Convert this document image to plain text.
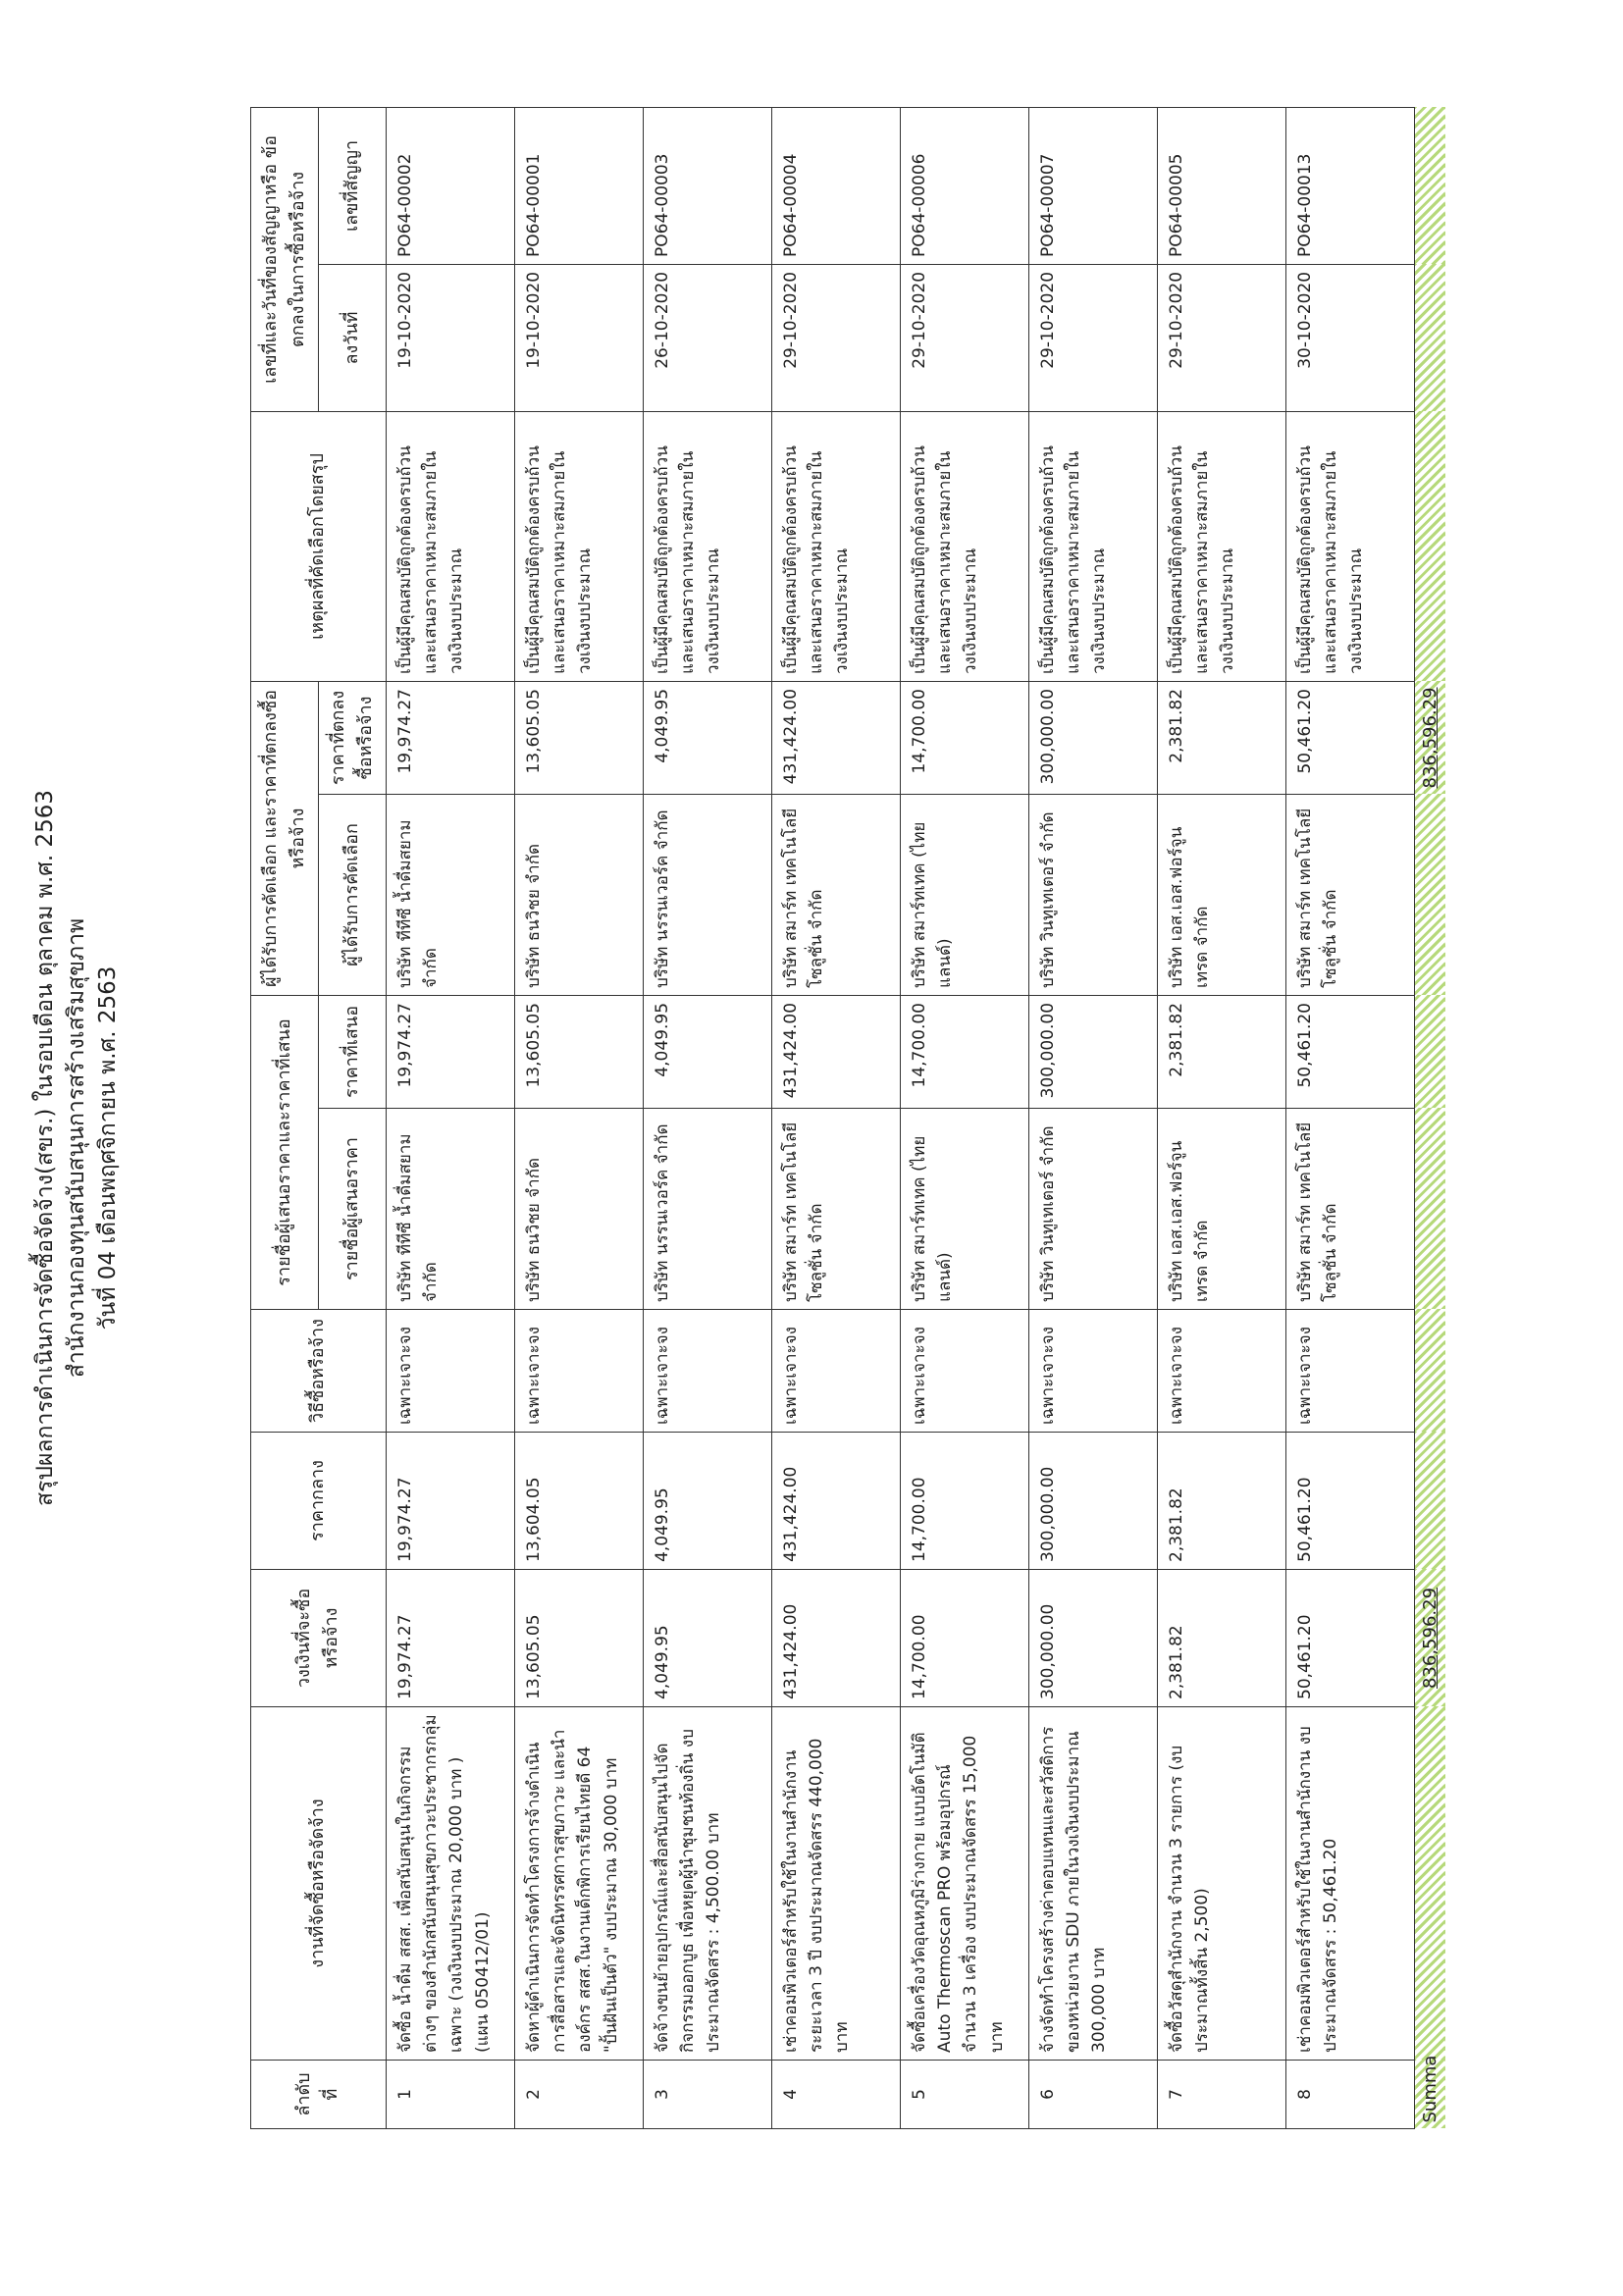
สรุปผลการดำเนินการจัดซื้อจัดจ้าง(สขร.) ในรอบเดือน ตุลาคม พ.ศ. 2563 สำนักงานกองทุนสนับสนุนการสร้างเสริมสุขภาพ วันที่ 04 เดือนพฤศจิกายน พ.ศ. 2563
ลำดับที่	งานที่จัดซื้อหรือจัดจ้าง	วงเงินที่จะซื้อหรือจ้าง	ราคากลาง	วิธีซื้อหรือจ้าง	รายชื่อผู้เสนอราคาและราคาที่เสนอ		ผู้ได้รับการคัดเลือก และราคาที่ตกลงซื้อหรือจ้าง		เหตุผลที่คัดเลือกโดยสรุป	เลขที่และวันที่ของสัญญาหรือ ข้อตกลงในการซื้อหรือจ้าง	
					รายชื่อผู้เสนอราคา	ราคาที่เสนอ	ผู้ได้รับการคัดเลือก	ราคาที่ตกลงซื้อหรือจ้าง		ลงวันที่	เลขที่สัญญา
1	จัดซื้อ น้ำดื่ม สสส. เพื่อสนับสนุนในกิจกรรมต่างๆ ของสำนักสนับสนุนสุขภาวะประชากรกลุ่มเฉพาะ (วงเงินงบประมาณ 20,000 บาท ) (แผน 050412/01)	19,974.27	19,974.27	เฉพาะเจาะจง	บริษัท ทีทีซี น้ำดื่มสยาม จำกัด	19,974.27	บริษัท ทีทีซี น้ำดื่มสยาม จำกัด	19,974.27	เป็นผู้มีคุณสมบัติถูกต้องครบถ้วนและเสนอราคาเหมาะสมภายในวงเงินงบประมาณ	19-10-2020	PO64-00002
2	จัดหาผู้ดำเนินการจัดทำโครงการจ้างดำเนินการสื่อสารและจัดนิทรรศการสุขภาวะ และนำองค์กร สสส.ในงานเด็กพิการเรียนไทยดี 64 "ปั้นฝันเป็นตัว" งบประมาณ 30,000 บาท	13,605.05	13,604.05	เฉพาะเจาะจง	บริษัท ธนวิชย จำกัด	13,605.05	บริษัท ธนวิชย จำกัด	13,605.05	เป็นผู้มีคุณสมบัติถูกต้องครบถ้วนและเสนอราคาเหมาะสมภายในวงเงินงบประมาณ	19-10-2020	PO64-00001
3	จัดจ้างขนย้ายอุปกรณ์และสื่อสนับสนุนไปจัดกิจกรรมออกบูธ เพื่อหยุดผู้นำชุมชนท้องถิ่น งบประมาณจัดสรร : 4,500.00 บาท	4,049.95	4,049.95	เฉพาะเจาะจง	บริษัท นรรนเวอร์ค จำกัด	4,049.95	บริษัท นรรนเวอร์ค จำกัด	4,049.95	เป็นผู้มีคุณสมบัติถูกต้องครบถ้วนและเสนอราคาเหมาะสมภายในวงเงินงบประมาณ	26-10-2020	PO64-00003
4	เช่าคอมพิวเตอร์สำหรับใช้ในงานสำนักงาน ระยะเวลา 3 ปี งบประมาณจัดสรร 440,000 บาท	431,424.00	431,424.00	เฉพาะเจาะจง	บริษัท สมาร์ท เทคโนโลยี โซลูชั่น จำกัด	431,424.00	บริษัท สมาร์ท เทคโนโลยี โซลูชั่น จำกัด	431,424.00	เป็นผู้มีคุณสมบัติถูกต้องครบถ้วนและเสนอราคาเหมาะสมภายในวงเงินงบประมาณ	29-10-2020	PO64-00004
5	จัดซื้อเครื่องวัดอุณหภูมิร่างกาย แบบอัตโนมัติ Auto Thermoscan PRO พร้อมอุปกรณ์ จำนวน 3 เครื่อง งบประมาณจัดสรร 15,000 บาท	14,700.00	14,700.00	เฉพาะเจาะจง	บริษัท สมาร์ทเทค (ไทยแลนด์)	14,700.00	บริษัท สมาร์ทเทค (ไทยแลนด์)	14,700.00	เป็นผู้มีคุณสมบัติถูกต้องครบถ้วนและเสนอราคาเหมาะสมภายในวงเงินงบประมาณ	29-10-2020	PO64-00006
6	จ้างจัดทำโครงสร้างค่าตอบแทนและสวัสดิการของหน่วยงาน SDU ภายในวงเงินงบประมาณ 300,000 บาท	300,000.00	300,000.00	เฉพาะเจาะจง	บริษัท วินทูเทเตอร์ จำกัด	300,000.00	บริษัท วินทูเทเตอร์ จำกัด	300,000.00	เป็นผู้มีคุณสมบัติถูกต้องครบถ้วนและเสนอราคาเหมาะสมภายในวงเงินงบประมาณ	29-10-2020	PO64-00007
7	จัดซื้อวัสดุสำนักงาน จำนวน 3 รายการ (งบประมาณทั้งสิ้น 2,500)	2,381.82	2,381.82	เฉพาะเจาะจง	บริษัท เอส.เอส.ฟอร์จูน เทรด จำกัด	2,381.82	บริษัท เอส.เอส.ฟอร์จูน เทรด จำกัด	2,381.82	เป็นผู้มีคุณสมบัติถูกต้องครบถ้วนและเสนอราคาเหมาะสมภายในวงเงินงบประมาณ	29-10-2020	PO64-00005
8	เช่าคอมพิวเตอร์สำหรับใช้ในงานสำนักงาน งบประมาณจัดสรร : 50,461.20	50,461.20	50,461.20	เฉพาะเจาะจง	บริษัท สมาร์ท เทคโนโลยี โซลูชั่น จำกัด	50,461.20	บริษัท สมาร์ท เทคโนโลยี โซลูชั่น จำกัด	50,461.20	เป็นผู้มีคุณสมบัติถูกต้องครบถ้วนและเสนอราคาเหมาะสมภายในวงเงินงบประมาณ	30-10-2020	PO64-00013
Summa		836,596.29						836,596.29			
